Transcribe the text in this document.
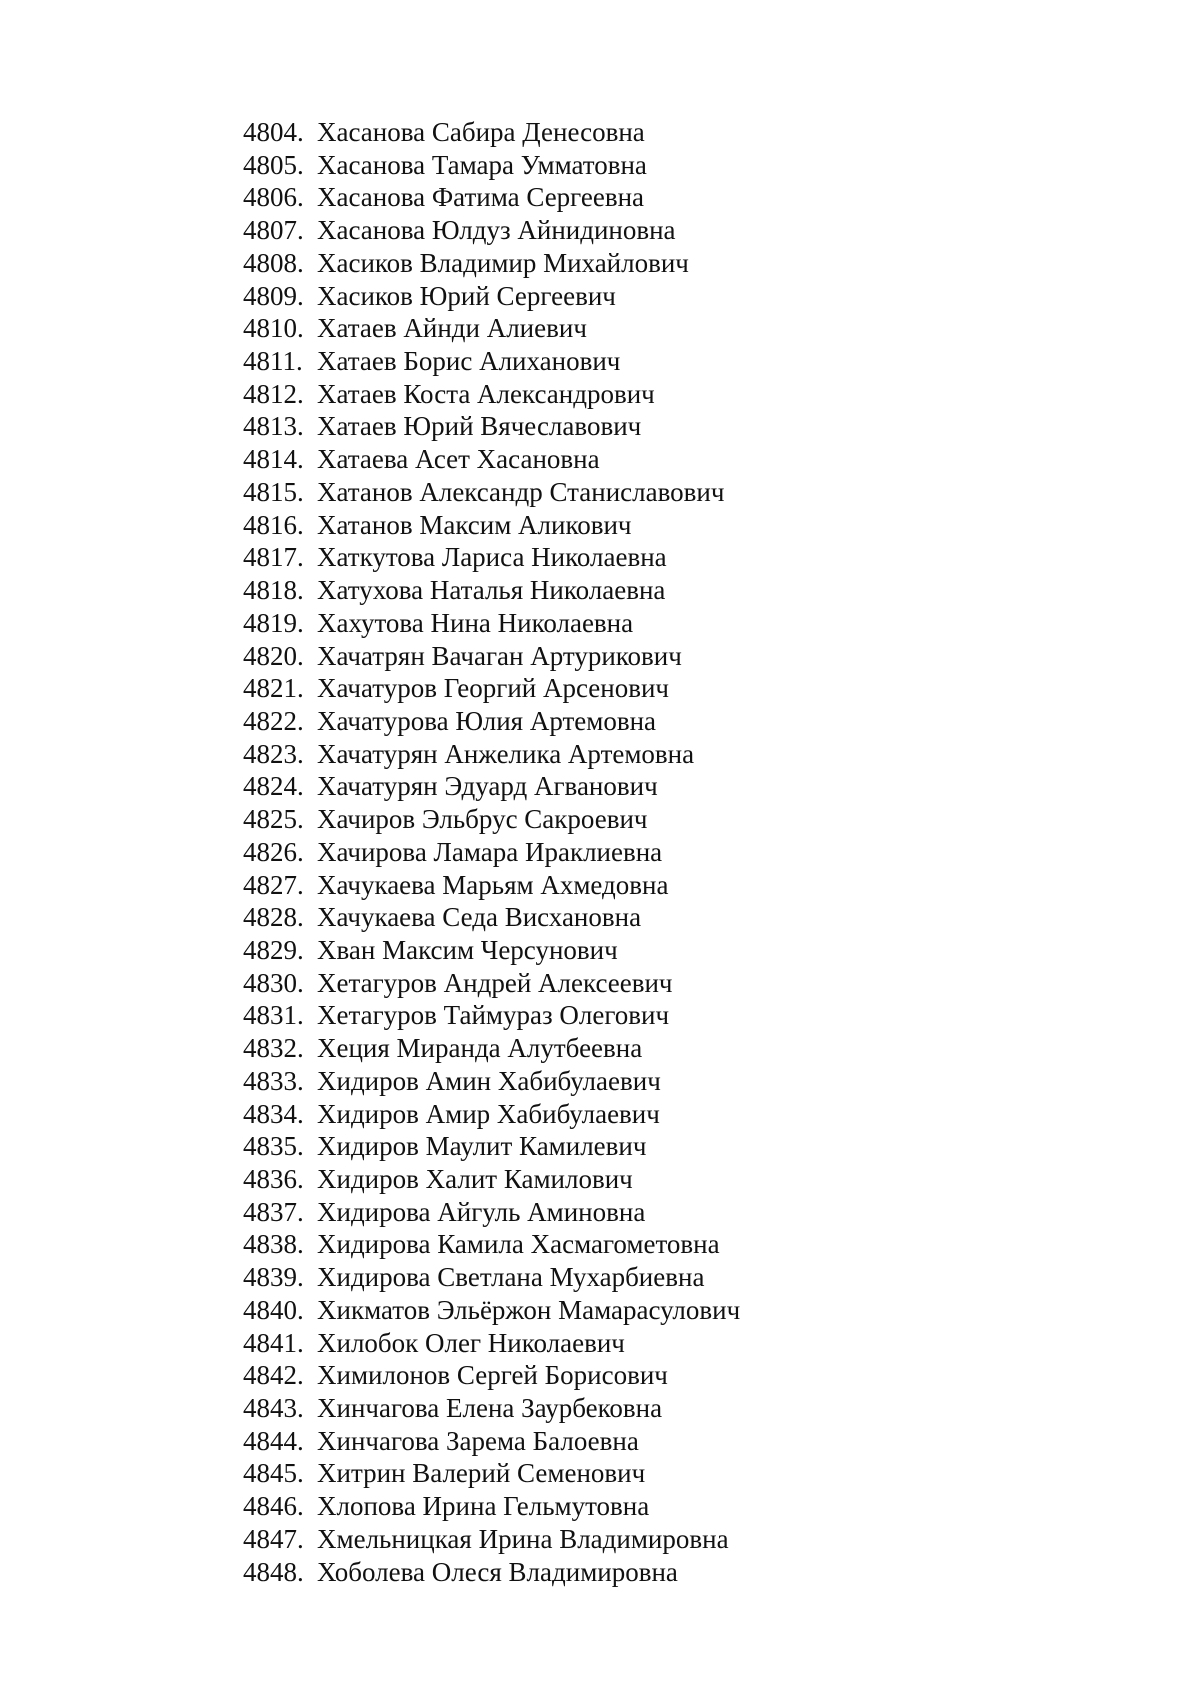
4804. Хасанова Сабира Денесовна
4805. Хасанова Тамара Умматовна
4806. Хасанова Фатима Сергеевна
4807. Хасанова Юлдуз Айнидиновна
4808. Хасиков Владимир Михайлович
4809. Хасиков Юрий Сергеевич
4810. Хатаев Айнди Алиевич
4811. Хатаев Борис Алиханович
4812. Хатаев Коста Александрович
4813. Хатаев Юрий Вячеславович
4814. Хатаева Асет Хасановна
4815. Хатанов Александр Станиславович
4816. Хатанов Максим Аликович
4817. Хаткутова Лариса Николаевна
4818. Хатухова Наталья Николаевна
4819. Хахутова Нина Николаевна
4820. Хачатрян Вачаган Артурикович
4821. Хачатуров Георгий Арсенович
4822. Хачатурова Юлия Артемовна
4823. Хачатурян Анжелика Артемовна
4824. Хачатурян Эдуард Агванович
4825. Хачиров Эльбрус Сакроевич
4826. Хачирова Ламара Ираклиевна
4827. Хачукаева Марьям Ахмедовна
4828. Хачукаева Седа Висхановна
4829. Хван Максим Черсунович
4830. Хетагуров Андрей Алексеевич
4831. Хетагуров Таймураз Олегович
4832. Хеция Миранда Алутбеевна
4833. Хидиров Амин Хабибулаевич
4834. Хидиров Амир Хабибулаевич
4835. Хидиров Маулит Камилевич
4836. Хидиров Халит Камилович
4837. Хидирова Айгуль Аминовна
4838. Хидирова Камила Хасмагометовна
4839. Хидирова Светлана Мухарбиевна
4840. Хикматов Эльёржон Мамарасулович
4841. Хилобок Олег Николаевич
4842. Химилонов Сергей Борисович
4843. Хинчагова Елена Заурбековна
4844. Хинчагова Зарема Балоевна
4845. Хитрин Валерий Семенович
4846. Хлопова Ирина Гельмутовна
4847. Хмельницкая Ирина Владимировна
4848. Хоболева Олеся Владимировна
